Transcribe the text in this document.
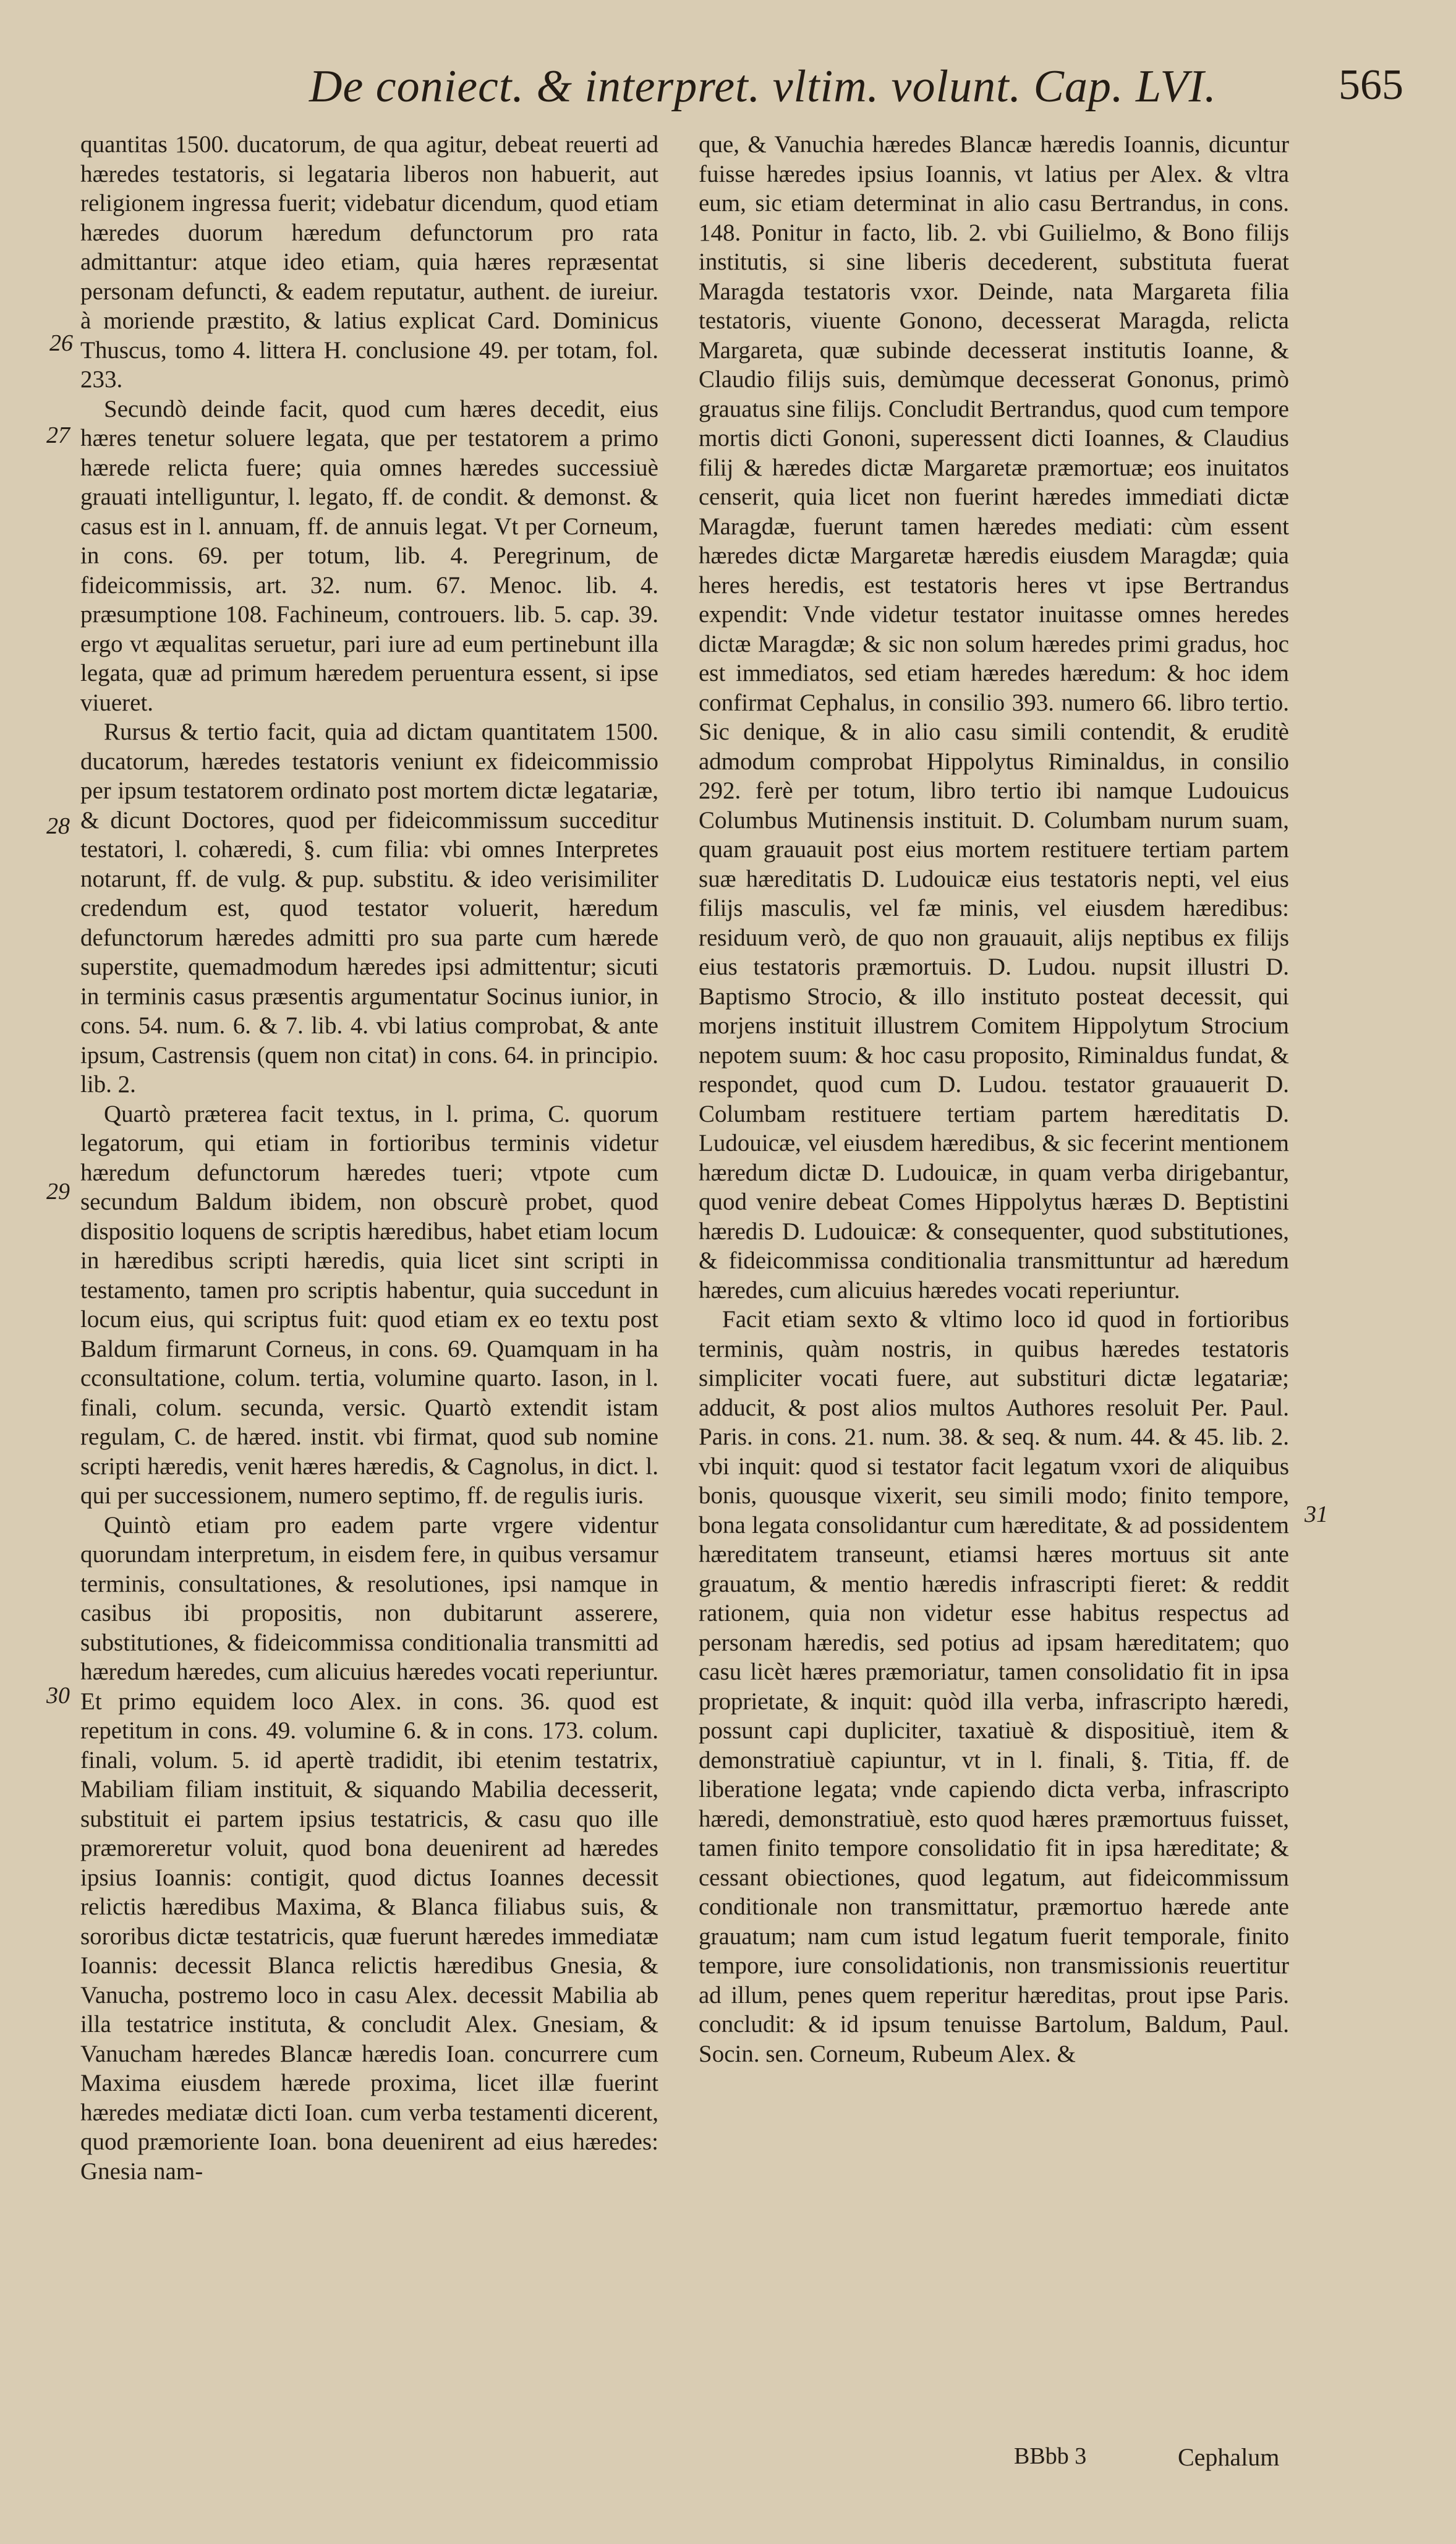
De coniect. & interpret. vltim. volunt. Cap. LVI.	565
26
27
28
29
30
31

quantitas 1500. ducatorum, de qua agitur, debeat reuerti ad hæredes testatoris, si legataria liberos non habuerit, aut religionem ingressa fuerit; videbatur dicendum, quod etiam hæredes duorum hæredum defunctorum pro rata admittantur: atque ideo etiam, quia hæres repræsentat personam defuncti, & eadem reputatur, authent. de iureiur. à moriende præstito, & latius explicat Card. Dominicus Thuscus, tomo 4. littera H. conclusione 49. per totam, fol. 233.

Secundò deinde facit, quod cum hæres decedit, eius hæres tenetur soluere legata, que per testatorem a primo hærede relicta fuere; quia omnes hæredes successiuè grauati intelliguntur, l. legato, ff. de condit. & demonst. & casus est in l. annuam, ff. de annuis legat. Vt per Corneum, in cons. 69. per totum, lib. 4. Peregrinum, de fideicommissis, art. 32. num. 67. Menoc. lib. 4. præsumptione 108. Fachineum, controuers. lib. 5. cap. 39. ergo vt æqualitas seruetur, pari iure ad eum pertinebunt illa legata, quæ ad primum hæredem peruentura essent, si ipse viueret.

Rursus & tertio facit, quia ad dictam quantitatem 1500. ducatorum, hæredes testatoris veniunt ex fideicommissio per ipsum testatorem ordinato post mortem dictæ legatariæ, & dicunt Doctores, quod per fideicommissum succeditur testatori, l. cohæredi, §. cum filia: vbi omnes Interpretes notarunt, ff. de vulg. & pup. substitu. & ideo verisimiliter credendum est, quod testator voluerit, hæredum defunctorum hæredes admitti pro sua parte cum hærede superstite, quemadmodum hæredes ipsi admittentur; sicuti in terminis casus præsentis argumentatur Socinus iunior, in cons. 54. num. 6. & 7. lib. 4. vbi latius comprobat, & ante ipsum, Castrensis (quem non citat) in cons. 64. in principio. lib. 2.

Quartò præterea facit textus, in l. prima, C. quorum legatorum, qui etiam in fortioribus terminis videtur hæredum defunctorum hæredes tueri; vtpote cum secundum Baldum ibidem, non obscurè probet, quod dispositio loquens de scriptis hæredibus, habet etiam locum in hæredibus scripti hæredis, quia licet sint scripti in testamento, tamen pro scriptis habentur, quia succedunt in locum eius, qui scriptus fuit: quod etiam ex eo textu post Baldum firmarunt Corneus, in cons. 69. Quamquam in ha cconsultatione, colum. tertia, volumine quarto. Iason, in l. finali, colum. secunda, versic. Quartò extendit istam regulam, C. de hæred. instit. vbi firmat, quod sub nomine scripti hæredis, venit hæres hæredis, & Cagnolus, in dict. l. qui per successionem, numero septimo, ff. de regulis iuris.

Quintò etiam pro eadem parte vrgere videntur quorundam interpretum, in eisdem fere, in quibus versamur terminis, consultationes, & resolutiones, ipsi namque in casibus ibi propositis, non dubitarunt asserere, substitutiones, & fideicommissa conditionalia transmitti ad hæredum hæredes, cum alicuius hæredes vocati reperiuntur. Et primo equidem loco Alex. in cons. 36. quod est repetitum in cons. 49. volumine 6. & in cons. 173. colum. finali, volum. 5. id apertè tradidit, ibi etenim testatrix, Mabiliam filiam instituit, & siquando Mabilia decesserit, substituit ei partem ipsius testatricis, & casu quo ille præmoreretur voluit, quod bona deuenirent ad hæredes ipsius Ioannis: contigit, quod dictus Ioannes decessit relictis hæredibus Maxima, & Blanca filiabus suis, & sororibus dictæ testatricis, quæ fuerunt hæredes immediatæ Ioannis: decessit Blanca relictis hæredibus Gnesia, & Vanucha, postremo loco in casu Alex. decessit Mabilia ab illa testatrice instituta, & concludit Alex. Gnesiam, & Vanucham hæredes Blancæ hæredis Ioan. concurrere cum Maxima eiusdem hærede proxima, licet illæ fuerint hæredes mediatæ dicti Ioan. cum verba testamenti dicerent, quod præmoriente Ioan. bona deuenirent ad eius hæredes: Gnesia nam-

que, & Vanuchia hæredes Blancæ hæredis Ioannis, dicuntur fuisse hæredes ipsius Ioannis, vt latius per Alex. & vltra eum, sic etiam determinat in alio casu Bertrandus, in cons. 148. Ponitur in facto, lib. 2. vbi Guilielmo, & Bono filijs institutis, si sine liberis decederent, substituta fuerat Maragda testatoris vxor. Deinde, nata Margareta filia testatoris, viuente Gonono, decesserat Maragda, relicta Margareta, quæ subinde decesserat institutis Ioanne, & Claudio filijs suis, demùmque decesserat Gononus, primò grauatus sine filijs. Concludit Bertrandus, quod cum tempore mortis dicti Gononi, superessent dicti Ioannes, & Claudius filij & hæredes dictæ Margaretæ præmortuæ; eos inuitatos censerit, quia licet non fuerint hæredes immediati dictæ Maragdæ, fuerunt tamen hæredes mediati: cùm essent hæredes dictæ Margaretæ hæredis eiusdem Maragdæ; quia heres heredis, est testatoris heres vt ipse Bertrandus expendit: Vnde videtur testator inuitasse omnes heredes dictæ Maragdæ; & sic non solum hæredes primi gradus, hoc est immediatos, sed etiam hæredes hæredum: & hoc idem confirmat Cephalus, in consilio 393. numero 66. libro tertio. Sic denique, & in alio casu simili contendit, & eruditè admodum comprobat Hippolytus Riminaldus, in consilio 292. ferè per totum, libro tertio ibi namque Ludouicus Columbus Mutinensis instituit. D. Columbam nurum suam, quam grauauit post eius mortem restituere tertiam partem suæ hæreditatis D. Ludouicæ eius testatoris nepti, vel eius filijs masculis, vel fæ minis, vel eiusdem hæredibus: residuum verò, de quo non grauauit, alijs neptibus ex filijs eius testatoris præmortuis. D. Ludou. nupsit illustri D. Baptismo Strocio, & illo instituto posteat decessit, qui morjens instituit illustrem Comitem Hippolytum Strocium nepotem suum: & hoc casu proposito, Riminaldus fundat, & respondet, quod cum D. Ludou. testator grauauerit D. Columbam restituere tertiam partem hæreditatis D. Ludouicæ, vel eiusdem hæredibus, & sic fecerint mentionem hæredum dictæ D. Ludouicæ, in quam verba dirigebantur, quod venire debeat Comes Hippolytus hæræs D. Beptistini hæredis D. Ludouicæ: & consequenter, quod substitutiones, & fideicommissa conditionalia transmittuntur ad hæredum hæredes, cum alicuius hæredes vocati reperiuntur.

Facit etiam sexto & vltimo loco id quod in fortioribus terminis, quàm nostris, in quibus hæredes testatoris simpliciter vocati fuere, aut substituri dictæ legatariæ; adducit, & post alios multos Authores resoluit Per. Paul. Paris. in cons. 21. num. 38. & seq. & num. 44. & 45. lib. 2. vbi inquit: quod si testator facit legatum vxori de aliquibus bonis, quousque vixerit, seu simili modo; finito tempore, bona legata consolidantur cum hæreditate, & ad possidentem hæreditatem transeunt, etiamsi hæres mortuus sit ante grauatum, & mentio hæredis infrascripti fieret: & reddit rationem, quia non videtur esse habitus respectus ad personam hæredis, sed potius ad ipsam hæreditatem; quo casu licèt hæres præmoriatur, tamen consolidatio fit in ipsa proprietate, & inquit: quòd illa verba, infrascripto hæredi, possunt capi dupliciter, taxatiuè & dispositiuè, item & demonstratiuè capiuntur, vt in l. finali, §. Titia, ff. de liberatione legata; vnde capiendo dicta verba, infrascripto hæredi, demonstratiuè, esto quod hæres præmortuus fuisset, tamen finito tempore consolidatio fit in ipsa hæreditate; & cessant obiectiones, quod legatum, aut fideicommissum conditionale non transmittatur, præmortuo hærede ante grauatum; nam cum istud legatum fuerit temporale, finito tempore, iure consolidationis, non transmissionis reuertitur ad illum, penes quem reperitur hæreditas, prout ipse Paris. concludit: & id ipsum tenuisse Bartolum, Baldum, Paul. Socin. sen. Corneum, Rubeum Alex. &

BBbb 3	Cephalum
